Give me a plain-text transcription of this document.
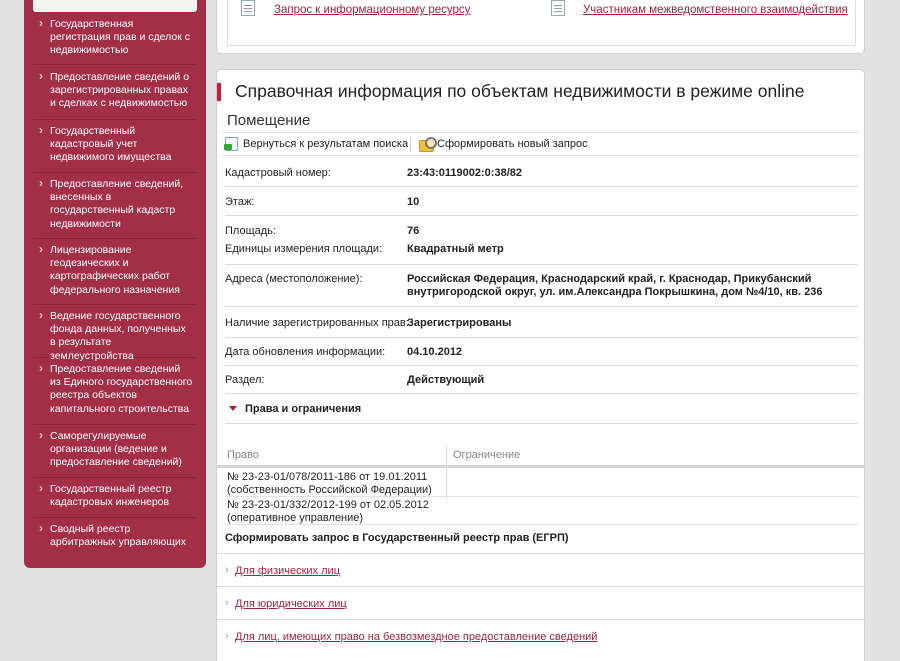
› Государственная регистрация прав и сделок с недвижимостью
› Предоставление сведений о зарегистрированных правах и сделках с недвижимостью
› Государственный кадастровый учет недвижимого имущества
› Предоставление сведений, внесенных в государственный кадастр недвижимости
› Лицензирование геодезических и картографических работ федерального назначения
› Ведение государственного фонда данных, полученных в результате землеустройства
› Предоставление сведений из Единого государственного реестра объектов капитального строительства
› Саморегулируемые организации (ведение и предоставление сведений)
› Государственный реестр кадастровых инженеров
› Сводный реестр арбитражных управляющих
Запрос к информационному ресурсу	Участникам межведомственного взаимодействия
Справочная информация по объектам недвижимости в режиме online
Помещение
Вернуться к результатам поиска	Сформировать новый запрос
Кадастровый номер:	23:43:0119002:0:38/82
Этаж:	10
Площадь:	76
Единицы измерения площади: Квадратный метр
Адреса (местоположение):	Российская Федерация, Краснодарский край, г. Краснодар, Прикубанский
внутригородской округ, ул. им.Александра Покрышкина, дом №4/10, кв. 236
Наличие зарегистрированных прав:
Зарегистрированы
Дата обновления информации: 04.10.2012
Раздел:	Действующий
Права и ограничения
Право	Ограничение
№ 23-23-01/078/2011-186 от 19.01.2011
(собственность Российской Федерации)
№ 23-23-01/332/2012-199 от 02.05.2012
(оперативное управление)
Сформировать запрос в Государственный реестр прав (ЕГРП)
› Для физических лиц
› Для юридических лиц
› Для лиц, имеющих право на безвозмездное предоставление сведений
